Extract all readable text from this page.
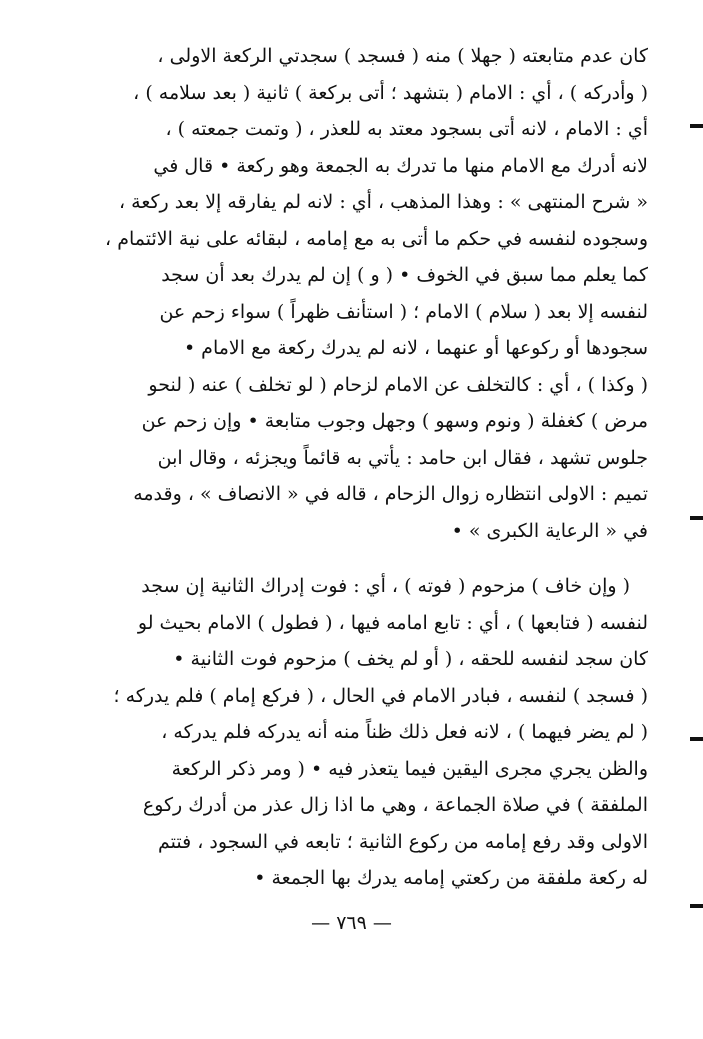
كان عدم متابعته ( جهلا ) منه ( فسجد ) سجدتي الركعة الاولى ،
( وأدركه ) ، أي : الامام ( بتشهد ؛ أتى بركعة ) ثانية ( بعد سلامه ) ،
أي : الامام ، لانه أتى بسجود معتد به للعذر ، ( وتمت جمعته ) ،
لانه أدرك مع الامام منها ما تدرك به الجمعة وهو ركعة • قال في
« شرح المنتهى » : وهذا المذهب ، أي : لانه لم يفارقه إلا بعد ركعة ،
وسجوده لنفسه في حكم ما أتى به مع إمامه ، لبقائه على نية الائتمام ،
كما يعلم مما سبق في الخوف • ( و ) إن لم يدرك بعد أن سجد
لنفسه إلا بعد ( سلام ) الامام ؛ ( استأنف ظهراً ) سواء زحم عن
سجودها أو ركوعها أو عنهما ، لانه لم يدرك ركعة مع الامام •
( وكذا ) ، أي : كالتخلف عن الامام لزحام ( لو تخلف ) عنه ( لنحو
مرض ) كغفلة ( ونوم وسهو ) وجهل وجوب متابعة • وإن زحم عن
جلوس تشهد ، فقال ابن حامد : يأتي به قائماً ويجزئه ، وقال ابن
تميم : الاولى انتظاره زوال الزحام ، قاله في « الانصاف » ، وقدمه
في « الرعاية الكبرى » •
( وإن خاف ) مزحوم ( فوته ) ، أي : فوت إدراك الثانية إن سجد
لنفسه ( فتابعها ) ، أي : تابع امامه فيها ، ( فطول ) الامام بحيث لو
كان سجد لنفسه للحقه ، ( أو لم يخف ) مزحوم فوت الثانية •
( فسجد ) لنفسه ، فبادر الامام في الحال ، ( فركع إمام ) فلم يدركه ؛
( لم يضر فيهما ) ، لانه فعل ذلك ظناً منه أنه يدركه فلم يدركه ،
والظن يجري مجرى اليقين فيما يتعذر فيه • ( ومر ذكر الركعة
الملفقة ) في صلاة الجماعة ، وهي ما اذا زال عذر من أدرك ركوع
الاولى وقد رفع إمامه من ركوع الثانية ؛ تابعه في السجود ، فتتم
له ركعة ملفقة من ركعتي إمامه يدرك بها الجمعة •
— ٧٦٩ —
